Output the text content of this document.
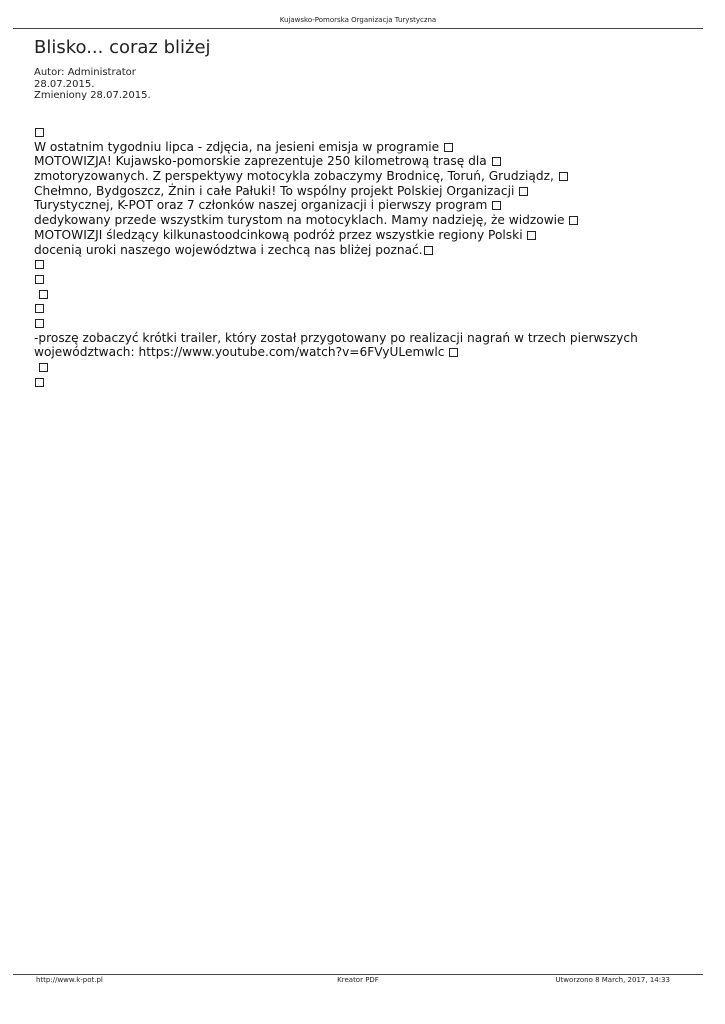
Kujawsko-Pomorska Organizacja Turystyczna
Blisko... coraz bliżej
Autor: Administrator
28.07.2015.
Zmieniony 28.07.2015.
W ostatnim tygodniu lipca - zdjęcia, na jesieni emisja w programie
MOTOWIZJA! Kujawsko-pomorskie zaprezentuje 250 kilometrową trasę dla
zmotoryzowanych. Z perspektywy motocykla zobaczymy Brodnicę, Toruń, Grudziądz,
Chełmno, Bydgoszcz, Żnin i całe Pałuki! To wspólny projekt Polskiej Organizacji
Turystycznej, K-POT oraz 7 członków naszej organizacji i pierwszy program
dedykowany przede wszystkim turystom na motocyklach. Mamy nadzieję, że widzowie
MOTOWIZJI śledzący kilkunastoodcinkową podróż przez wszystkie regiony Polski
docenią uroki naszego województwa i zechcą nas bliżej poznać.
-proszę zobaczyć krótki trailer, który został przygotowany po realizacji nagrań w trzech pierwszych
województwach: https://www.youtube.com/watch?v=6FVyULemwlc
http://www.k-pot.pl	Kreator PDF	Utworzono 8 March, 2017, 14:33
